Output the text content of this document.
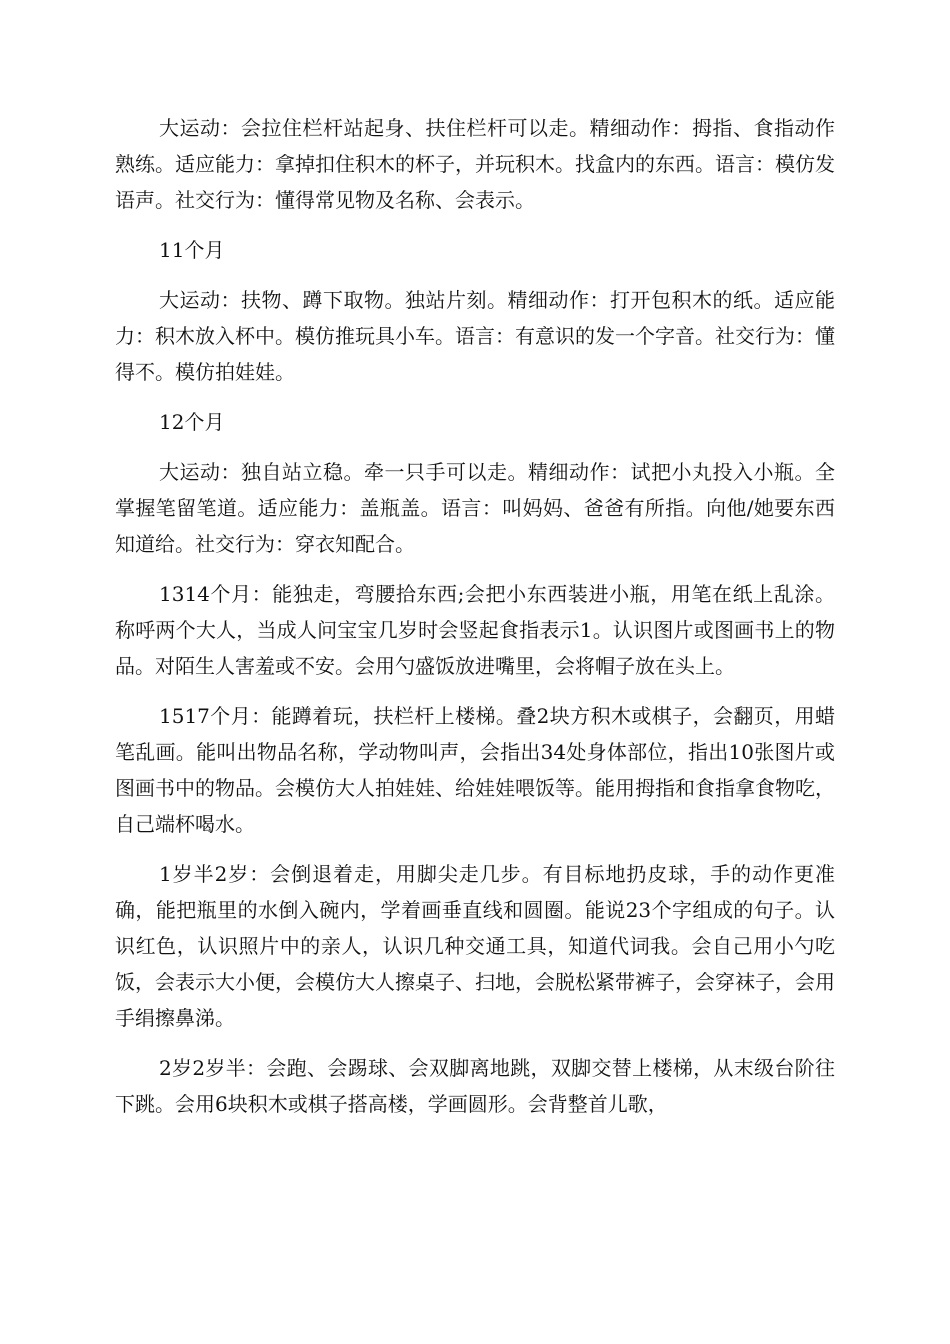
大运动：会拉住栏杆站起身、扶住栏杆可以走。精细动作：拇指、食指动作熟练。适应能力：拿掉扣住积木的杯子，并玩积木。找盒内的东西。语言：模仿发语声。社交行为：懂得常见物及名称、会表示。

11个月

大运动：扶物、蹲下取物。独站片刻。精细动作：打开包积木的纸。适应能力：积木放入杯中。模仿推玩具小车。语言：有意识的发一个字音。社交行为：懂得不。模仿拍娃娃。

12个月

大运动：独自站立稳。牵一只手可以走。精细动作：试把小丸投入小瓶。全掌握笔留笔道。适应能力：盖瓶盖。语言：叫妈妈、爸爸有所指。向他/她要东西知道给。社交行为：穿衣知配合。

1314个月：能独走，弯腰拾东西;会把小东西装进小瓶，用笔在纸上乱涂。称呼两个大人，当成人问宝宝几岁时会竖起食指表示1。认识图片或图画书上的物品。对陌生人害羞或不安。会用勺盛饭放进嘴里，会将帽子放在头上。

1517个月：能蹲着玩，扶栏杆上楼梯。叠2块方积木或棋子，会翻页，用蜡笔乱画。能叫出物品名称，学动物叫声，会指出34处身体部位，指出10张图片或图画书中的物品。会模仿大人拍娃娃、给娃娃喂饭等。能用拇指和食指拿食物吃，自己端杯喝水。

1岁半2岁：会倒退着走，用脚尖走几步。有目标地扔皮球，手的动作更准确，能把瓶里的水倒入碗内，学着画垂直线和圆圈。能说23个字组成的句子。认识红色，认识照片中的亲人，认识几种交通工具，知道代词我。会自己用小勺吃饭，会表示大小便，会模仿大人擦桌子、扫地，会脱松紧带裤子，会穿袜子，会用手绢擦鼻涕。

2岁2岁半：会跑、会踢球、会双脚离地跳，双脚交替上楼梯，从末级台阶往下跳。会用6块积木或棋子搭高楼，学画圆形。会背整首儿歌，
